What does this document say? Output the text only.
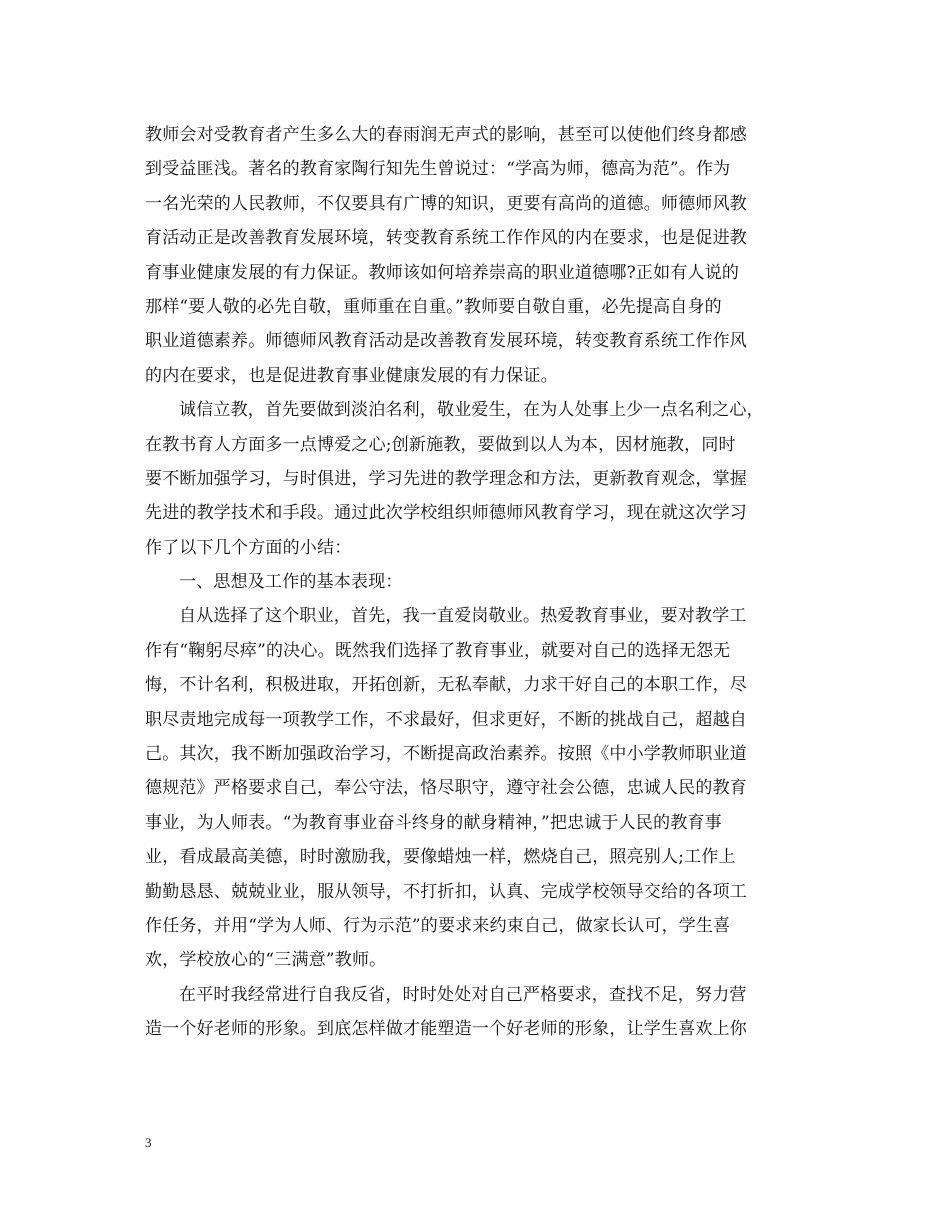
教师会对受教育者产生多么大的春雨润无声式的影响，甚至可以使他们终身都感
到受益匪浅。著名的教育家陶行知先生曾说过：“学高为师，德高为范”。作为
一名光荣的人民教师，不仅要具有广博的知识，更要有高尚的道德。师德师风教
育活动正是改善教育发展环境，转变教育系统工作作风的内在要求，也是促进教
育事业健康发展的有力保证。教师该如何培养崇高的职业道德哪?正如有人说的
那样“要人敬的必先自敬，重师重在自重。”教师要自敬自重，必先提高自身的
职业道德素养。师德师风教育活动是改善教育发展环境，转变教育系统工作作风
的内在要求，也是促进教育事业健康发展的有力保证。
诚信立教，首先要做到淡泊名利，敬业爱生，在为人处事上少一点名利之心，
在教书育人方面多一点博爱之心;创新施教，要做到以人为本，因材施教，同时
要不断加强学习，与时俱进，学习先进的教学理念和方法，更新教育观念，掌握
先进的教学技术和手段。通过此次学校组织师德师风教育学习，现在就这次学习
作了以下几个方面的小结：
一、思想及工作的基本表现：
自从选择了这个职业，首先，我一直爱岗敬业。热爱教育事业，要对教学工
作有“鞠躬尽瘁”的决心。既然我们选择了教育事业，就要对自己的选择无怨无
悔，不计名利，积极进取，开拓创新，无私奉献，力求干好自己的本职工作，尽
职尽责地完成每一项教学工作，不求最好，但求更好，不断的挑战自己，超越自
己。其次，我不断加强政治学习，不断提高政治素养。按照《中小学教师职业道
德规范》严格要求自己，奉公守法，恪尽职守，遵守社会公德，忠诚人民的教育
事业，为人师表。“为教育事业奋斗终身的献身精神，”把忠诚于人民的教育事
业，看成最高美德，时时激励我，要像蜡烛一样，燃烧自己，照亮别人;工作上
勤勤恳恳、兢兢业业，服从领导，不打折扣，认真、完成学校领导交给的各项工
作任务，并用“学为人师、行为示范”的要求来约束自己，做家长认可，学生喜
欢，学校放心的“三满意”教师。
在平时我经常进行自我反省，时时处处对自己严格要求，查找不足，努力营
造一个好老师的形象。到底怎样做才能塑造一个好老师的形象，让学生喜欢上你
3
